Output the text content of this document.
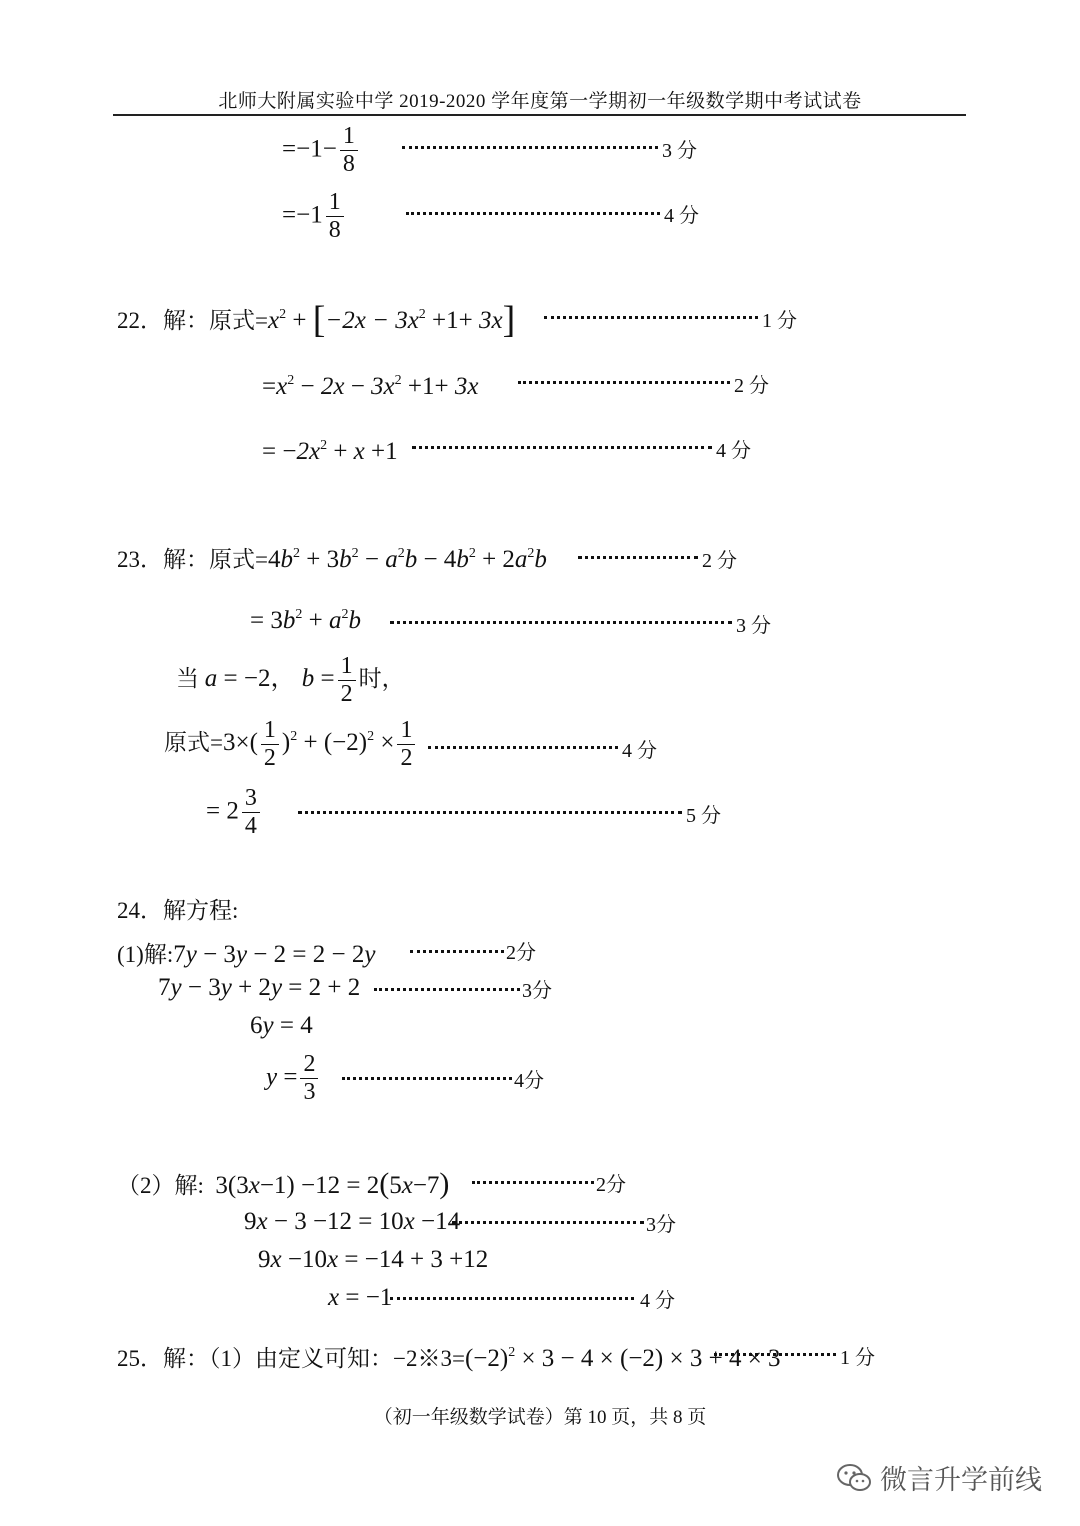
北师大附属实验中学 2019-2020 学年度第一学期初一年级数学期中考试试卷
$=-1- \frac{1}{8}$	3 分
$=-1 \frac{1}{8}$	4 分
22．解：原式$=x^2 + [-2x - 3x^2 +1+ 3x]$	1 分
$=x^2 - 2x - 3x^2 +1+ 3x$	2 分
= $-2x^2 + x +1$	4 分
23．解：原式$=4b^2 + 3b^2 - a^2b - 4b^2 + 2a^2b$	2 分
= $3b^2 + a^2b$	3 分
当 a = −2， $b = \frac{1}{2}$ 时，
原式$=3\times( \frac{1}{2} )^2 + (-2)^2 \times \frac{1}{2}$	4 分
= $2 \frac{3}{4}$	5 分
24．解方程:
(1)解:7y − 3y − 2 = 2 − 2y	2分
7y − 3y + 2y = 2 + 2	3分
6y = 4
$y = \frac{2}{3}$	4分
（2）解: 3(3x−1) −12 = 2(5x−7)	2分
9x − 3 −12 = 10x −14	3分
9x −10x = −14 + 3 +12
x = −1	4 分
25．解：（1）由定义可知：$-2※3=(-2)^2 \times 3 - 4 \times (-2) \times 3 + 4 \times 3$	1 分
（初一年级数学试卷）第 10 页，共 8 页
微言升学前线
